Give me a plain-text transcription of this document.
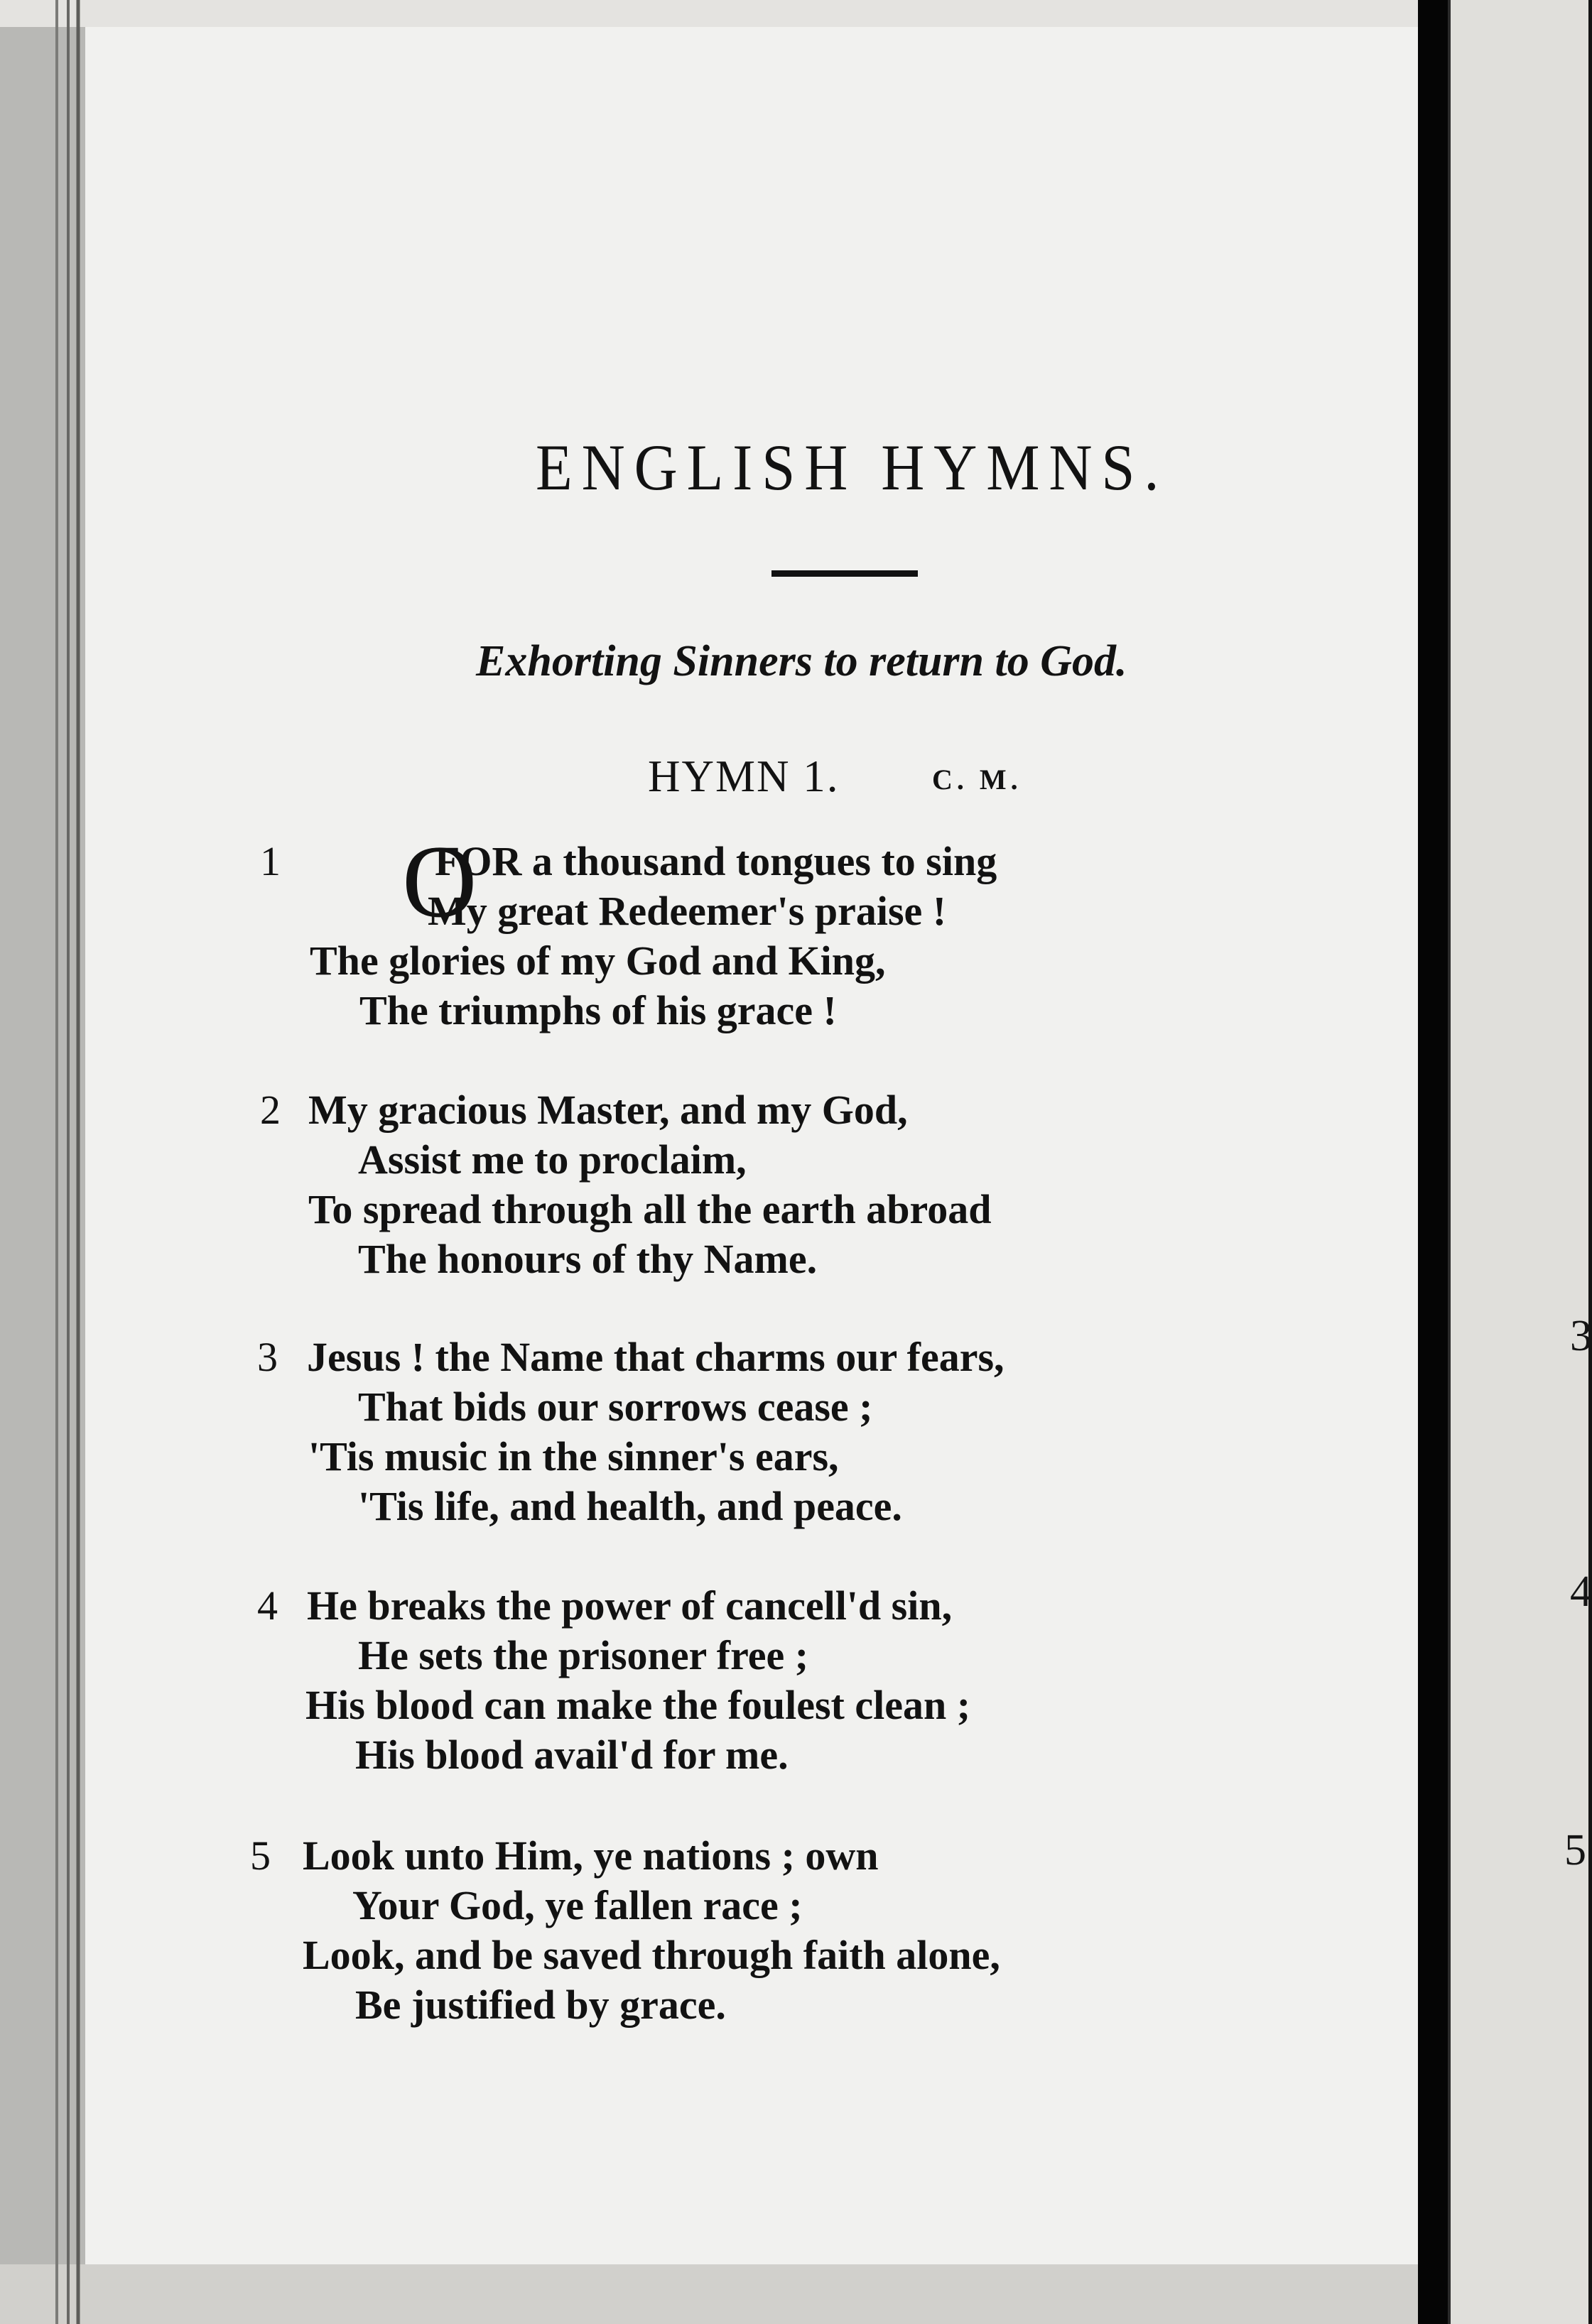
ENGLISH HYMNS.
Exhorting Sinners to return to God.
HYMN 1.	C. M.
O
1	FOR a thousand tongues to sing
My great Redeemer's praise !
The glories of my God and King,
The triumphs of his grace !
2 My gracious Master, and my God,
Assist me to proclaim,
To spread through all the earth abroad
The honours of thy Name.
3 Jesus ! the Name that charms our fears,
That bids our sorrows cease ;
'Tis music in the sinner's ears,
'Tis life, and health, and peace.
4 He breaks the power of cancell'd sin,
He sets the prisoner free ;
His blood can make the foulest clean ;
His blood avail'd for me.
5 Look unto Him, ye nations ; own
Your God, ye fallen race ;
Look, and be saved through faith alone,
Be justified by grace.
3
4
5
